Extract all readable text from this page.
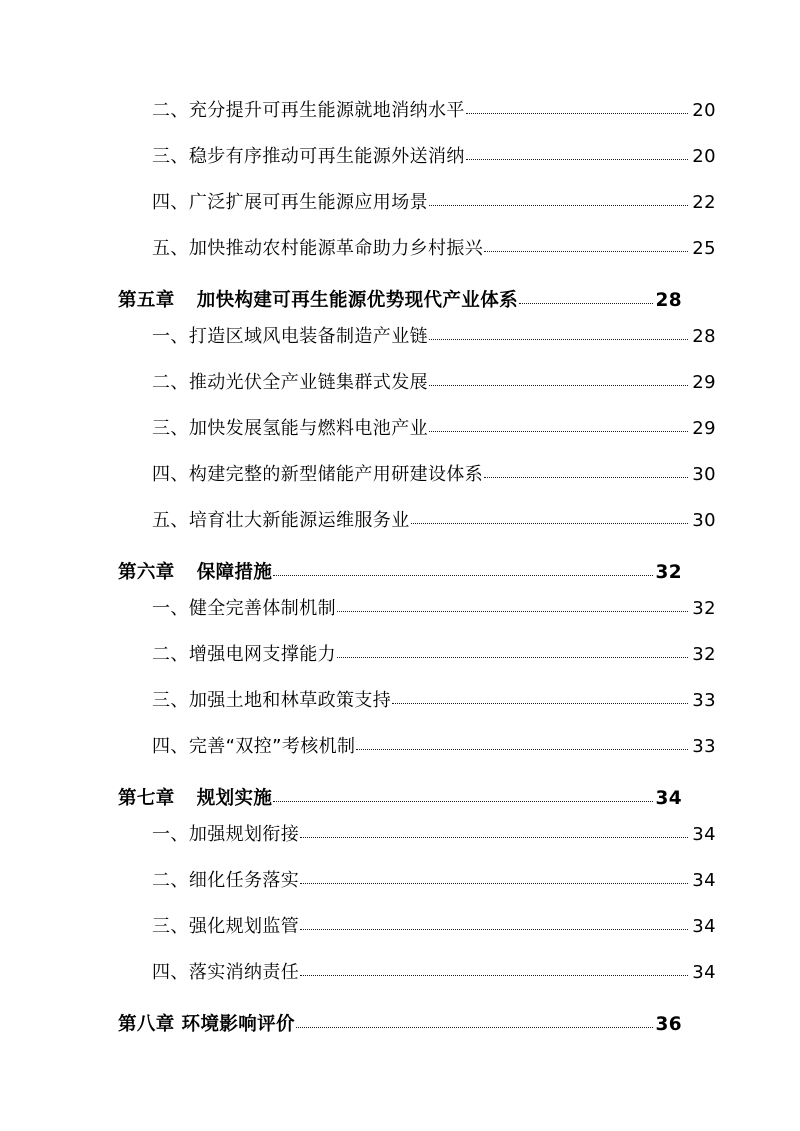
二、充分提升可再生能源就地消纳水平	20
三、稳步有序推动可再生能源外送消纳	20
四、广泛扩展可再生能源应用场景	22
五、加快推动农村能源革命助力乡村振兴	25
第五章 加快构建可再生能源优势现代产业体系	28
一、打造区域风电装备制造产业链	28
二、推动光伏全产业链集群式发展	29
三、加快发展氢能与燃料电池产业	29
四、构建完整的新型储能产用研建设体系	30
五、培育壮大新能源运维服务业	30
第六章 保障措施	32
一、健全完善体制机制	32
二、增强电网支撑能力	32
三、加强土地和林草政策支持	33
四、完善“双控”考核机制	33
第七章 规划实施	34
一、加强规划衔接	34
二、细化任务落实	34
三、强化规划监管	34
四、落实消纳责任	34
第八章 环境影响评价	36
